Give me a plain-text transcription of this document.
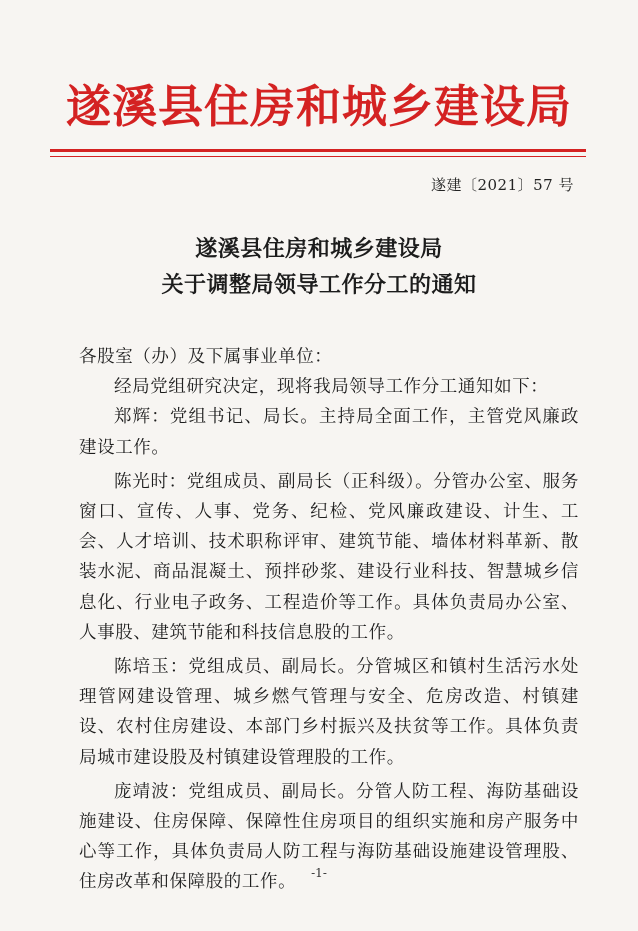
遂溪县住房和城乡建设局
遂建〔2021〕57 号
遂溪县住房和城乡建设局
关于调整局领导工作分工的通知

各股室（办）及下属事业单位：

经局党组研究决定，现将我局领导工作分工通知如下：

郑辉：党组书记、局长。主持局全面工作，主管党风廉政建设工作。

陈光时：党组成员、副局长（正科级）。分管办公室、服务窗口、宣传、人事、党务、纪检、党风廉政建设、计生、工会、人才培训、技术职称评审、建筑节能、墙体材料革新、散装水泥、商品混凝土、预拌砂浆、建设行业科技、智慧城乡信息化、行业电子政务、工程造价等工作。具体负责局办公室、人事股、建筑节能和科技信息股的工作。

陈培玉：党组成员、副局长。分管城区和镇村生活污水处理管网建设管理、城乡燃气管理与安全、危房改造、村镇建设、农村住房建设、本部门乡村振兴及扶贫等工作。具体负责局城市建设股及村镇建设管理股的工作。

庞靖波：党组成员、副局长。分管人防工程、海防基础设施建设、住房保障、保障性住房项目的组织实施和房产服务中心等工作，具体负责局人防工程与海防基础设施建设管理股、住房改革和保障股的工作。	-1-
